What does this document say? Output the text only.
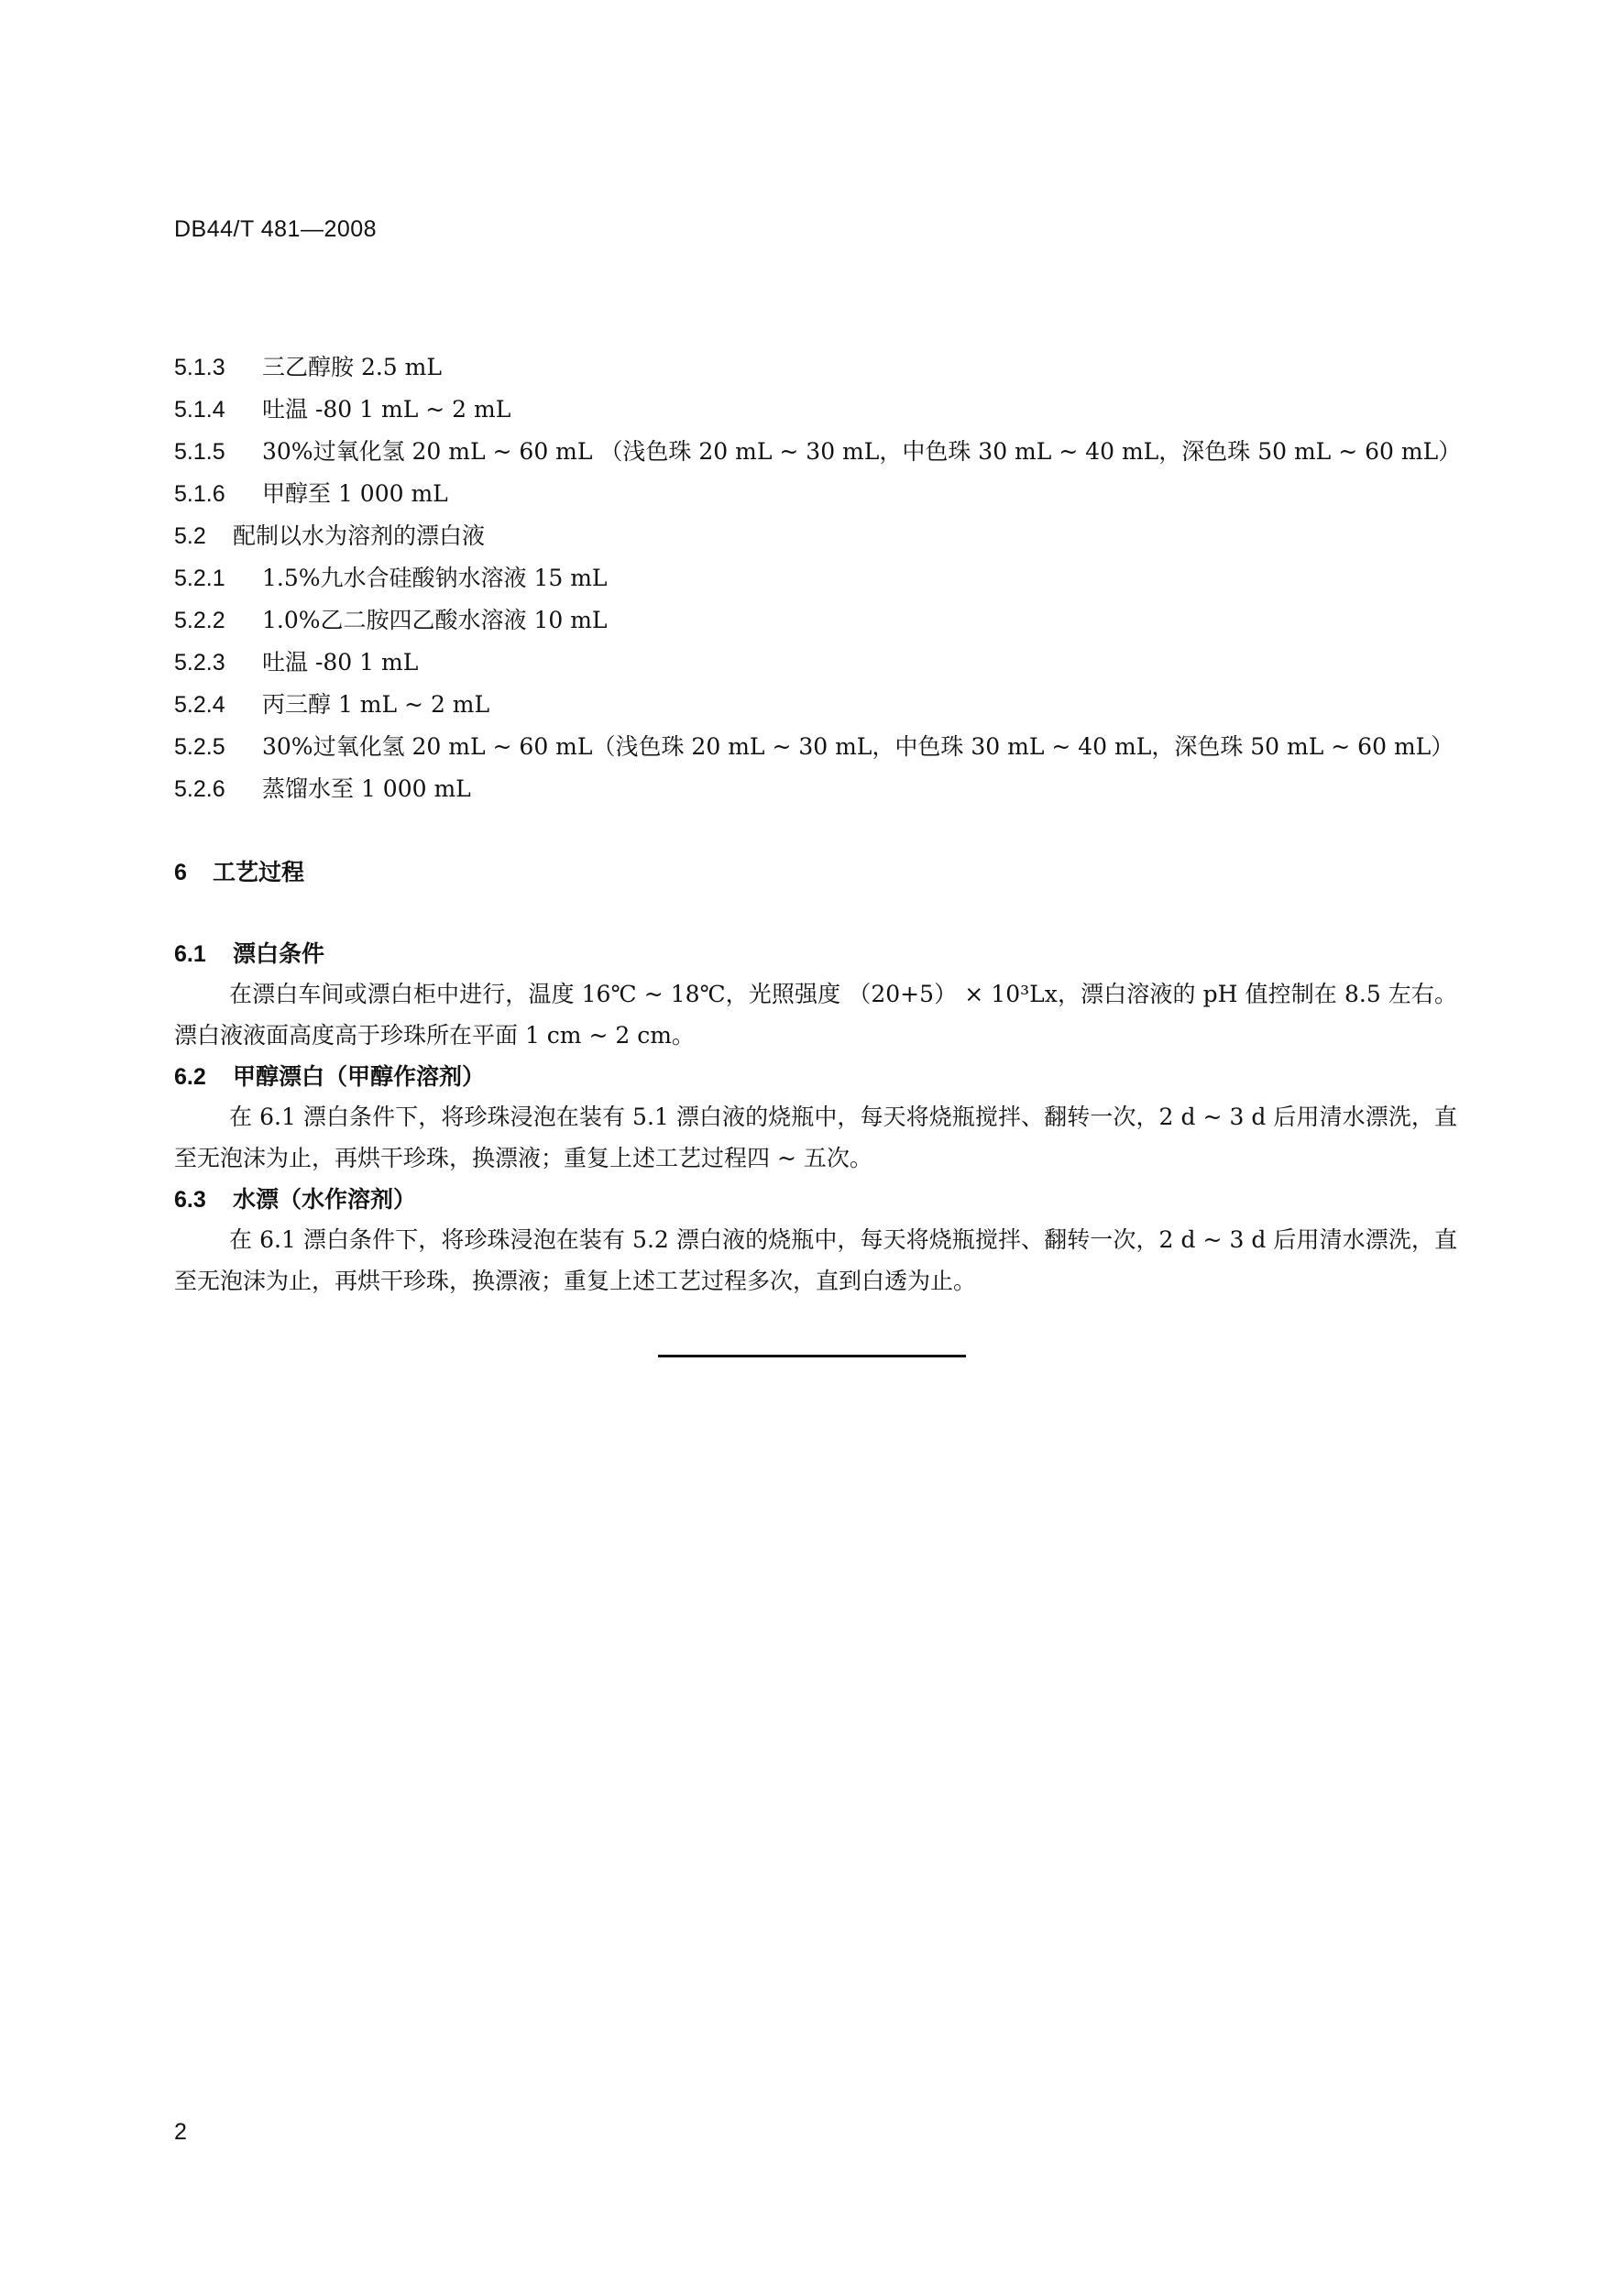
DB44/T 481—2008
5.1.3 三乙醇胺 2.5 mL
5.1.4 吐温 -80 1 mL ~ 2 mL
5.1.5 30%过氧化氢 20 mL ~ 60 mL （浅色珠 20 mL ~ 30 mL，中色珠 30 mL ~ 40 mL，深色珠 50 mL ~ 60 mL）
5.1.6 甲醇至 1 000 mL
5.2 配制以水为溶剂的漂白液
5.2.1 1.5%九水合硅酸钠水溶液 15 mL
5.2.2 1.0%乙二胺四乙酸水溶液 10 mL
5.2.3 吐温 -80 1 mL
5.2.4 丙三醇 1 mL ~ 2 mL
5.2.5 30%过氧化氢 20 mL ~ 60 mL（浅色珠 20 mL ~ 30 mL，中色珠 30 mL ~ 40 mL，深色珠 50 mL ~ 60 mL）
5.2.6 蒸馏水至 1 000 mL
6 工艺过程
6.1 漂白条件
在漂白车间或漂白柜中进行，温度 16℃ ~ 18℃，光照强度 （20+5） × 10³Lx，漂白溶液的 pH 值控制在 8.5 左右。漂白液液面高度高于珍珠所在平面 1 cm ~ 2 cm。
6.2 甲醇漂白（甲醇作溶剂）
在 6.1 漂白条件下，将珍珠浸泡在装有 5.1 漂白液的烧瓶中，每天将烧瓶搅拌、翻转一次，2 d ~ 3 d 后用清水漂洗，直至无泡沫为止，再烘干珍珠，换漂液；重复上述工艺过程四 ~ 五次。
6.3 水漂（水作溶剂）
在 6.1 漂白条件下，将珍珠浸泡在装有 5.2 漂白液的烧瓶中，每天将烧瓶搅拌、翻转一次，2 d ~ 3 d 后用清水漂洗，直至无泡沫为止，再烘干珍珠，换漂液；重复上述工艺过程多次，直到白透为止。
2
